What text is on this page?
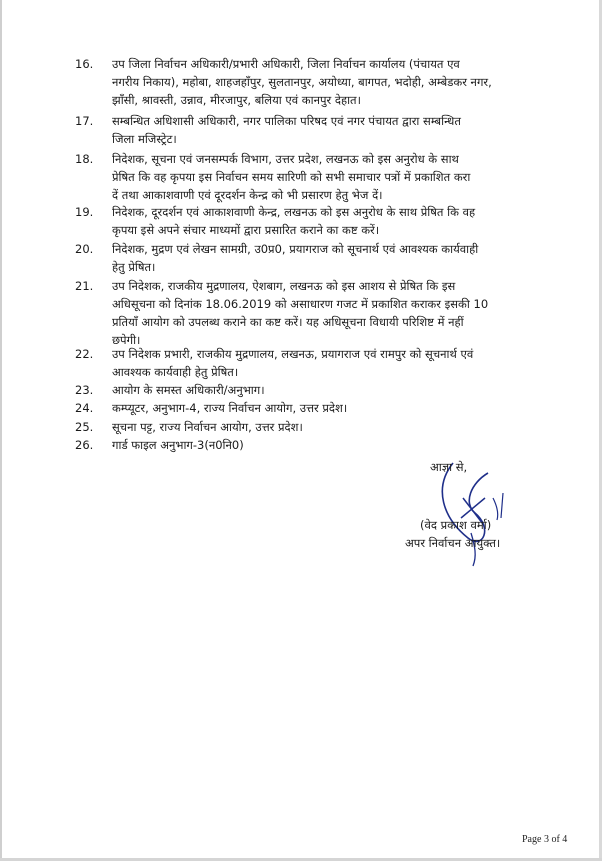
16.	उप जिला निर्वाचन अधिकारी/प्रभारी अधिकारी, जिला निर्वाचन कार्यालय (पंचायत एव
नगरीय निकाय), महोबा, शाहजहाँपुर, सुलतानपुर, अयोध्या, बागपत, भदोही, अम्बेडकर नगर,
झाँसी, श्रावस्ती, उन्नाव, मीरजापुर, बलिया एवं कानपुर देहात।
17.	सम्बन्धित अधिशासी अधिकारी, नगर पालिका परिषद एवं नगर पंचायत द्वारा सम्बन्धित
जिला मजिस्ट्रेट।
18.	निदेशक, सूचना एवं जनसम्पर्क विभाग, उत्तर प्रदेश, लखनऊ को इस अनुरोध के साथ
प्रेषित कि वह कृपया इस निर्वाचन समय सारिणी को सभी समाचार पत्रों में प्रकाशित करा
दें तथा आकाशवाणी एवं दूरदर्शन केन्द्र को भी प्रसारण हेतु भेज दें।
19.	निदेशक, दूरदर्शन एवं आकाशवाणी केन्द्र, लखनऊ को इस अनुरोध के साथ प्रेषित कि वह
कृपया इसे अपने संचार माध्यमों द्वारा प्रसारित कराने का कष्ट करें।
20.	निदेशक, मुद्रण एवं लेखन सामग्री, उ0प्र0, प्रयागराज को सूचनार्थ एवं आवश्यक कार्यवाही
हेतु प्रेषित।
21.	उप निदेशक, राजकीय मुद्रणालय, ऐशबाग, लखनऊ को इस आशय से प्रेषित कि इस
अधिसूचना को दिनांक 18.06.2019 को असाधारण गजट में प्रकाशित कराकर इसकी 10
प्रतियाँ आयोग को उपलब्ध कराने का कष्ट करें। यह अधिसूचना विधायी परिशिष्ट में नहीं
छपेगी।
22.	उप निदेशक प्रभारी, राजकीय मुद्रणालय, लखनऊ, प्रयागराज एवं रामपुर को सूचनार्थ एवं
आवश्यक कार्यवाही हेतु प्रेषित।
23.	आयोग के समस्त अधिकारी/अनुभाग।
24.	कम्प्यूटर, अनुभाग-4, राज्य निर्वाचन आयोग, उत्तर प्रदेश।
25.	सूचना पट्ट, राज्य निर्वाचन आयोग, उत्तर प्रदेश।
26.	गार्ड फाइल अनुभाग-3(न0नि0)
आज्ञा से,
(वेद प्रकाश वर्मा)
अपर निर्वाचन आयुक्त।
Page 3 of 4
